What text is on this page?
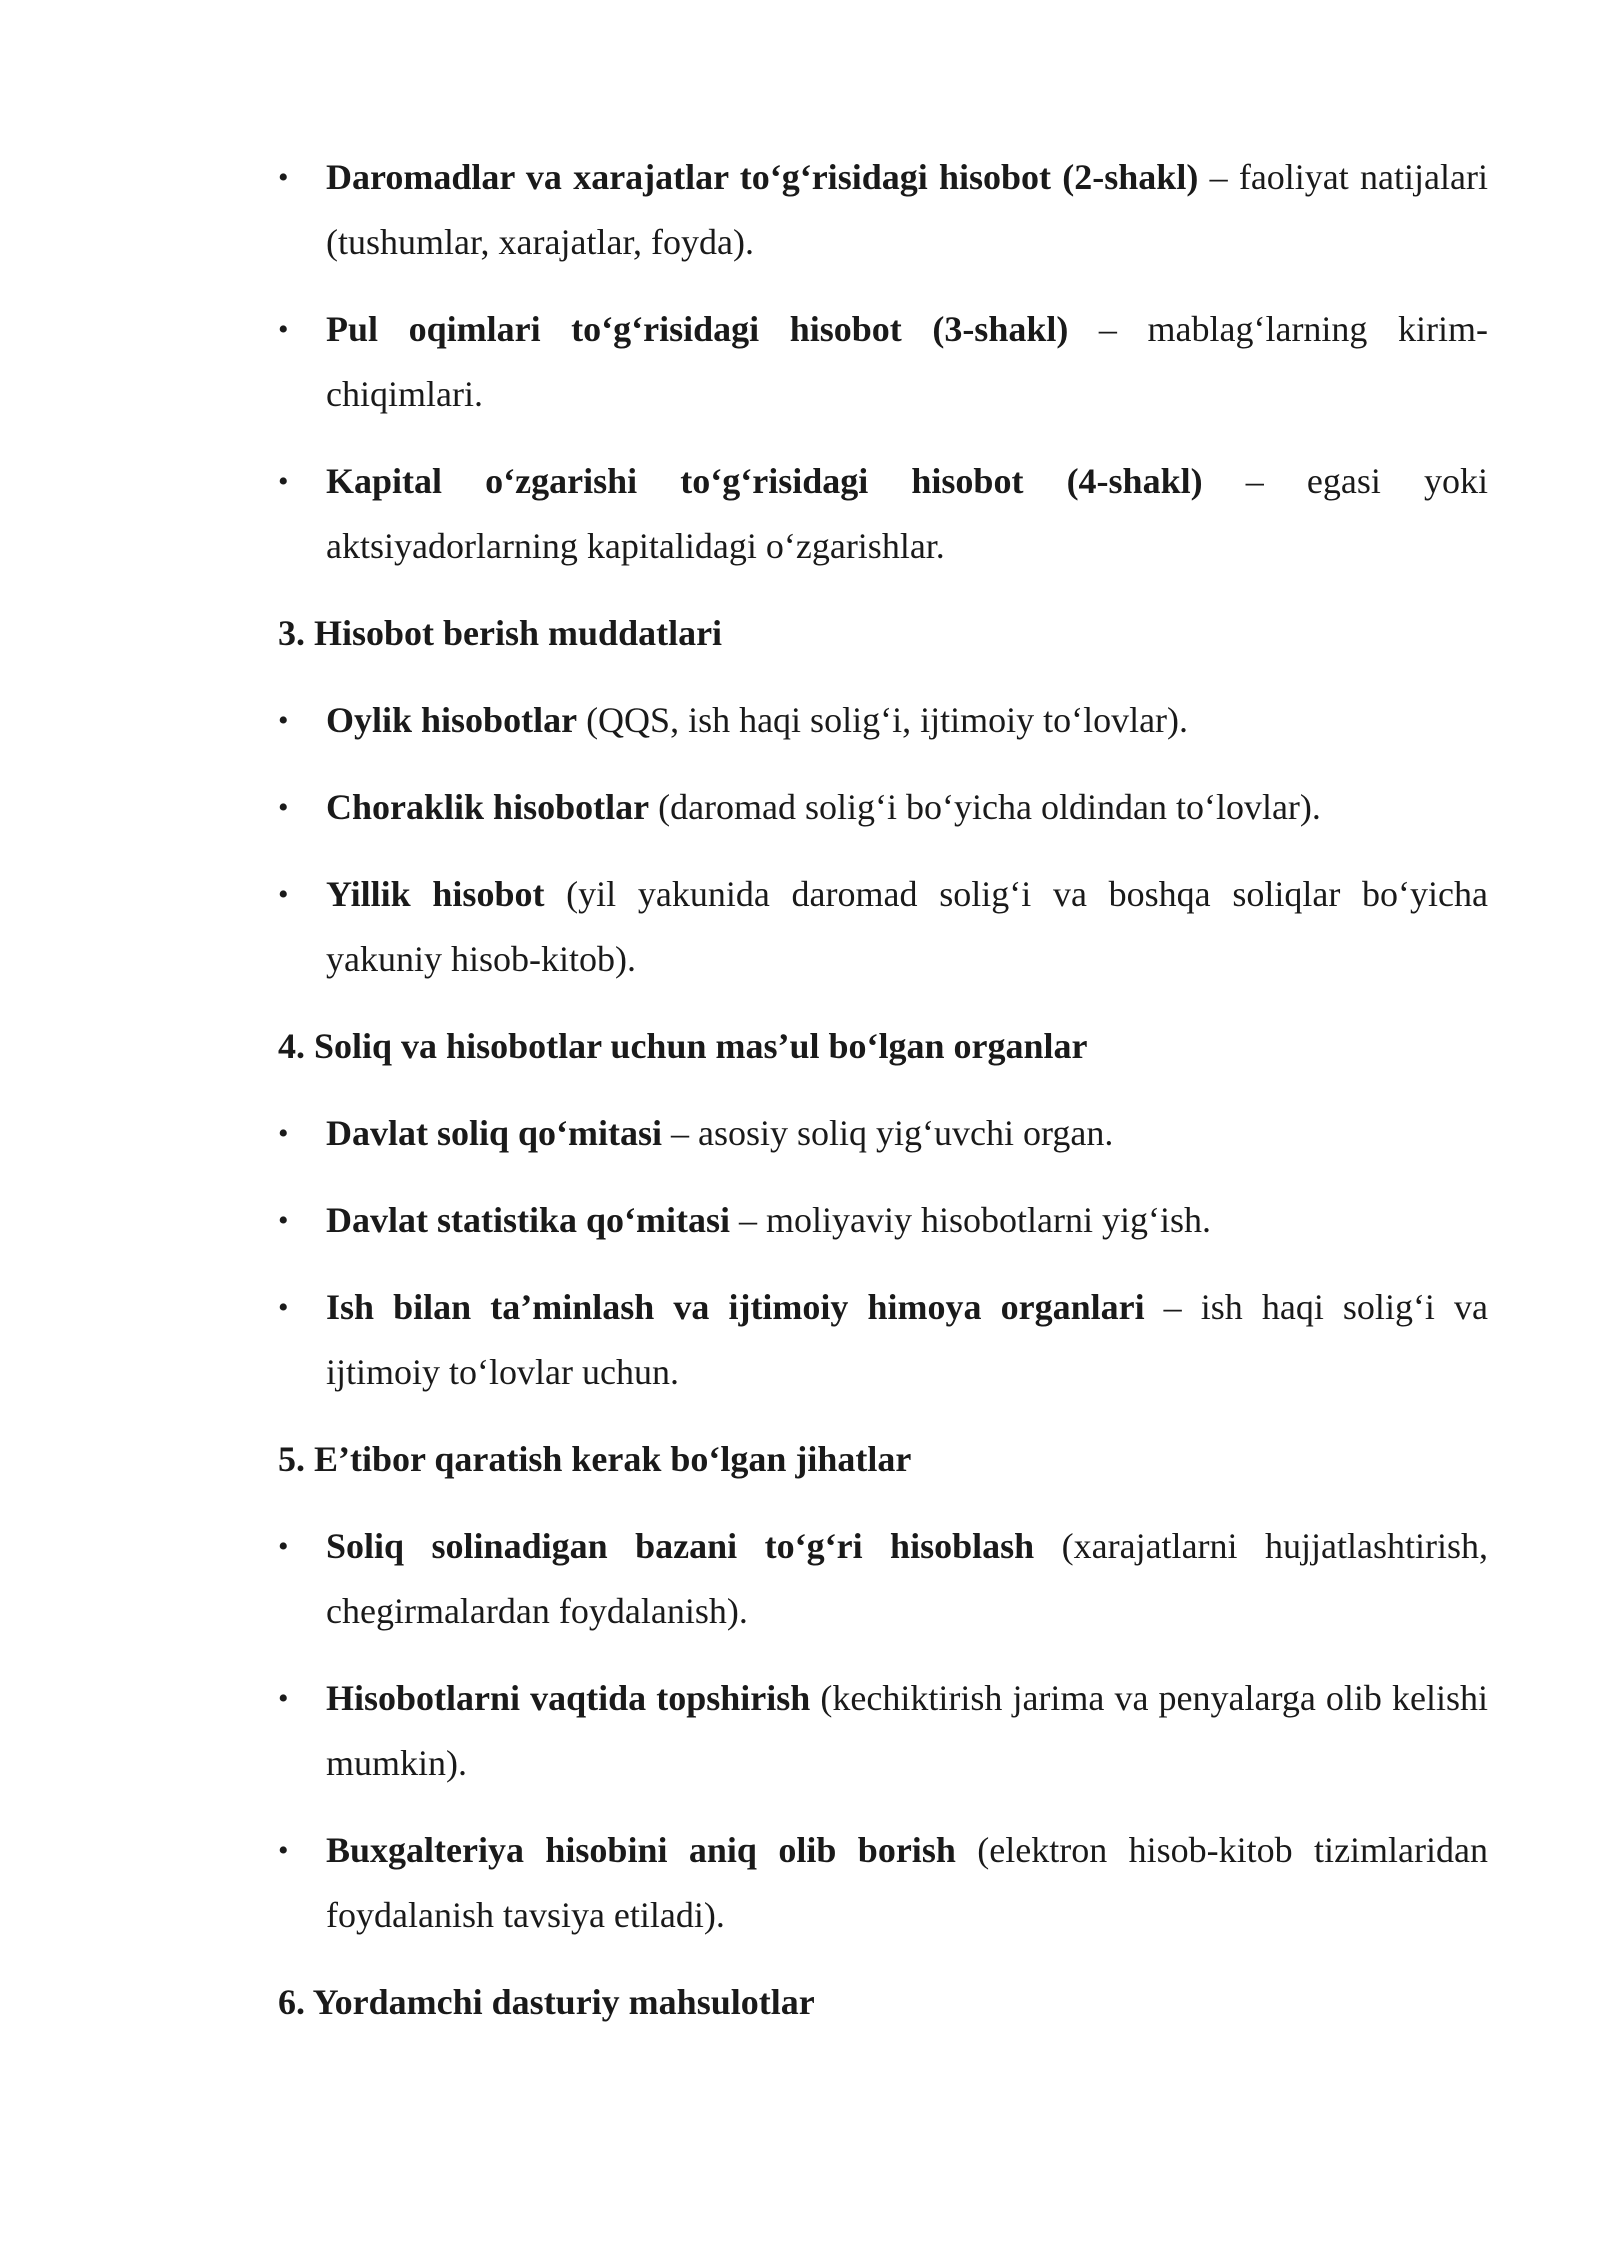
• Daromadlar va xarajatlar to‘g‘risidagi hisobot (2-shakl) – faoliyat natijalari (tushumlar, xarajatlar, foyda).
• Pul oqimlari to‘g‘risidagi hisobot (3-shakl) – mablag‘larning kirim-chiqimlari.
• Kapital o‘zgarishi to‘g‘risidagi hisobot (4-shakl) – egasi yoki aktsiyadorlarning kapitalidagi o‘zgarishlar.
3. Hisobot berish muddatlari
• Oylik hisobotlar (QQS, ish haqi solig‘i, ijtimoiy to‘lovlar).
• Choraklik hisobotlar (daromad solig‘i bo‘yicha oldindan to‘lovlar).
• Yillik hisobot (yil yakunida daromad solig‘i va boshqa soliqlar bo‘yicha yakuniy hisob-kitob).
4. Soliq va hisobotlar uchun mas’ul bo‘lgan organlar
• Davlat soliq qo‘mitasi – asosiy soliq yig‘uvchi organ.
• Davlat statistika qo‘mitasi – moliyaviy hisobotlarni yig‘ish.
• Ish bilan ta’minlash va ijtimoiy himoya organlari – ish haqi solig‘i va ijtimoiy to‘lovlar uchun.
5. E’tibor qaratish kerak bo‘lgan jihatlar
• Soliq solinadigan bazani to‘g‘ri hisoblash (xarajatlarni hujjatlashtirish, chegirmalardan foydalanish).
• Hisobotlarni vaqtida topshirish (kechiktirish jarima va penyalarga olib kelishi mumkin).
• Buxgalteriya hisobini aniq olib borish (elektron hisob-kitob tizimlaridan foydalanish tavsiya etiladi).
6. Yordamchi dasturiy mahsulotlar
